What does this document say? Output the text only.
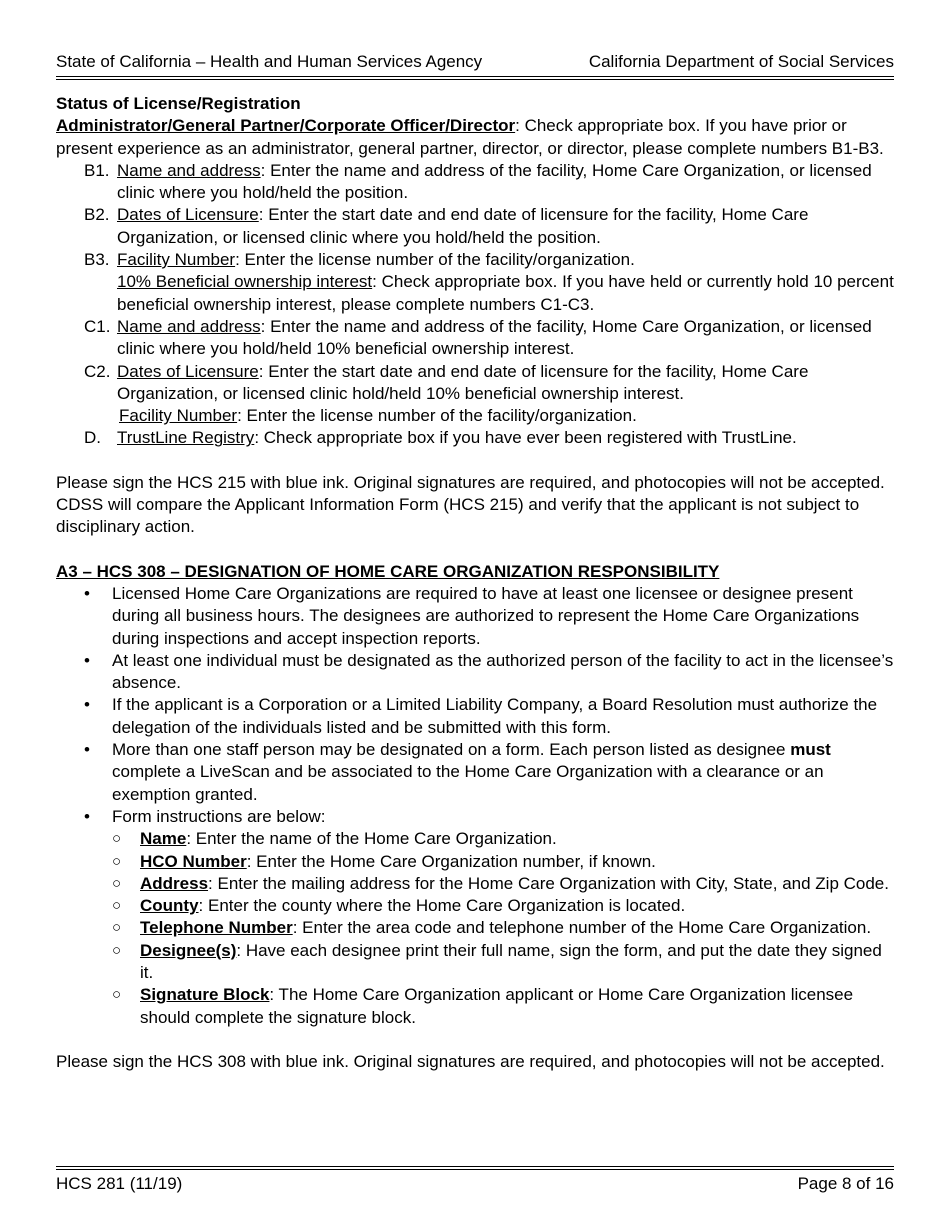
State of California – Health and Human Services Agency	California Department of Social Services

Status of License/Registration

Administrator/General Partner/Corporate Officer/Director: Check appropriate box. If you have prior or present experience as an administrator, general partner, director, or director, please complete numbers B1-B3.

B1. Name and address: Enter the name and address of the facility, Home Care Organization, or licensed clinic where you hold/held the position.
B2. Dates of Licensure: Enter the start date and end date of licensure for the facility, Home Care Organization, or licensed clinic where you hold/held the position.
B3. Facility Number: Enter the license number of the facility/organization.

10% Beneficial ownership interest: Check appropriate box. If you have held or currently hold 10 percent beneficial ownership interest, please complete numbers C1-C3.

C1. Name and address: Enter the name and address of the facility, Home Care Organization, or licensed clinic where you hold/held 10% beneficial ownership interest.
C2. Dates of Licensure: Enter the start date and end date of licensure for the facility, Home Care Organization, or licensed clinic hold/held 10% beneficial ownership interest.

Facility Number: Enter the license number of the facility/organization.

D. TrustLine Registry: Check appropriate box if you have ever been registered with TrustLine.

Please sign the HCS 215 with blue ink. Original signatures are required, and photocopies will not be accepted. CDSS will compare the Applicant Information Form (HCS 215) and verify that the applicant is not subject to disciplinary action.

A3 – HCS 308 – DESIGNATION OF HOME CARE ORGANIZATION RESPONSIBILITY

•	Licensed Home Care Organizations are required to have at least one licensee or designee present during all business hours. The designees are authorized to represent the Home Care Organizations during inspections and accept inspection reports.
•	At least one individual must be designated as the authorized person of the facility to act in the licensee’s absence.
•	If the applicant is a Corporation or a Limited Liability Company, a Board Resolution must authorize the delegation of the individuals listed and be submitted with this form.
•	More than one staff person may be designated on a form. Each person listed as designee must complete a LiveScan and be associated to the Home Care Organization with a clearance or an exemption granted.
•	Form instructions are below:
○	Name: Enter the name of the Home Care Organization.
○	HCO Number: Enter the Home Care Organization number, if known.
○	Address: Enter the mailing address for the Home Care Organization with City, State, and Zip Code.
○	County: Enter the county where the Home Care Organization is located.
○	Telephone Number: Enter the area code and telephone number of the Home Care Organization.
○	Designee(s): Have each designee print their full name, sign the form, and put the date they signed it.
○	Signature Block: The Home Care Organization applicant or Home Care Organization licensee should complete the signature block.

Please sign the HCS 308 with blue ink. Original signatures are required, and photocopies will not be accepted.

HCS 281 (11/19)	Page 8 of 16
